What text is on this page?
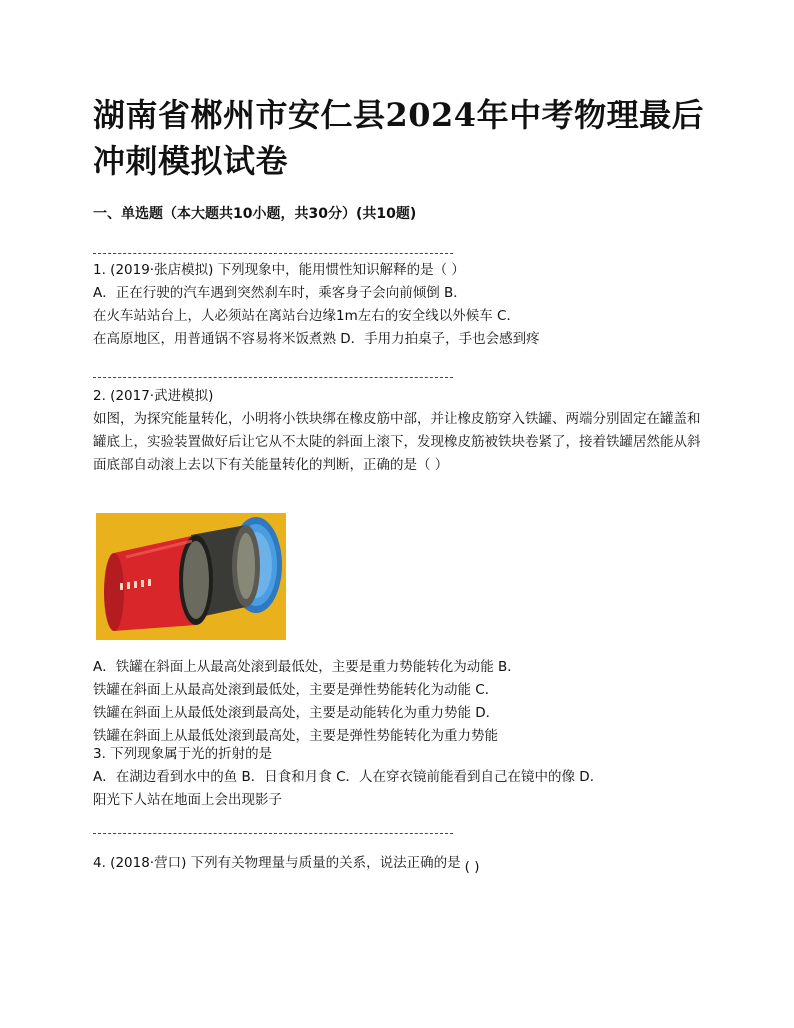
湖南省郴州市安仁县2024年中考物理最后冲刺模拟试卷
一、单选题（本大题共10小题，共30分）(共10题)
1. (2019·张店模拟) 下列现象中，能用惯性知识解释的是（ ）
A．正在行驶的汽车遇到突然刹车时，乘客身子会向前倾倒 B．
在火车站站台上，人必须站在离站台边缘1m左右的安全线以外候车 C．
在高原地区，用普通锅不容易将米饭煮熟 D．手用力拍桌子，手也会感到疼
2. (2017·武进模拟)
如图，为探究能量转化，小明将小铁块绑在橡皮筋中部，并让橡皮筋穿入铁罐、两端分别固定在罐盖和罐底上，实验装置做好后让它从不太陡的斜面上滚下，发现橡皮筋被铁块卷紧了，接着铁罐居然能从斜面底部自动滚上去以下有关能量转化的判断，正确的是（ ）
A．铁罐在斜面上从最高处滚到最低处，主要是重力势能转化为动能 B．
铁罐在斜面上从最高处滚到最低处，主要是弹性势能转化为动能 C．
铁罐在斜面上从最低处滚到最高处，主要是动能转化为重力势能 D．
铁罐在斜面上从最低处滚到最高处，主要是弹性势能转化为重力势能
3. 下列现象属于光的折射的是
A．在湖边看到水中的鱼 B．日食和月食 C．人在穿衣镜前能看到自己在镜中的像 D．
阳光下人站在地面上会出现影子
4. (2018·营口) 下列有关物理量与质量的关系，说法正确的是 ( )
